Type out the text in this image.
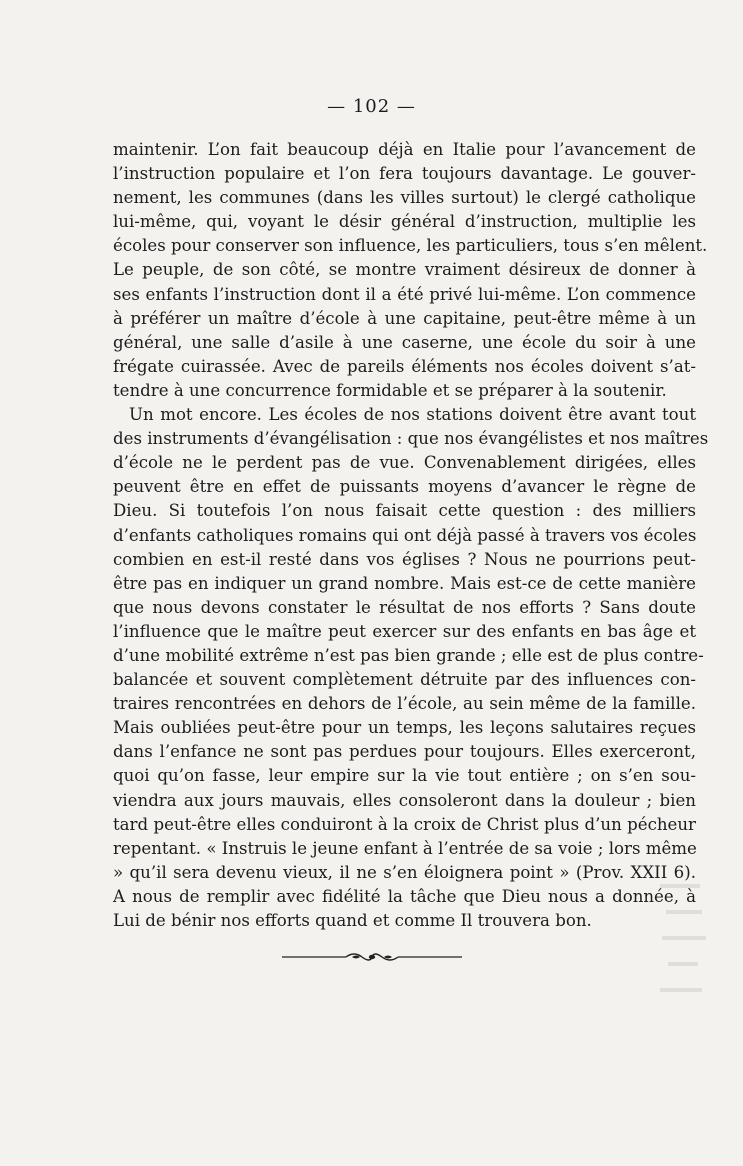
— 102 —
maintenir. L’on fait beaucoup déjà en Italie pour l’avancement de
l’instruction populaire et l’on fera toujours davantage. Le gouver-
nement, les communes (dans les villes surtout) le clergé catholique
lui-même, qui, voyant le désir général d’instruction, multiplie les
écoles pour conserver son influence, les particuliers, tous s’en mêlent.
Le peuple, de son côté, se montre vraiment désireux de donner à
ses enfants l’instruction dont il a été privé lui-même. L’on commence
à préférer un maître d’école à une capitaine, peut-être même à un
général, une salle d’asile à une caserne, une école du soir à une
frégate cuirassée. Avec de pareils éléments nos écoles doivent s’at-
tendre à une concurrence formidable et se préparer à la soutenir.
Un mot encore. Les écoles de nos stations doivent être avant tout
des instruments d’évangélisation : que nos évangélistes et nos maîtres
d’école ne le perdent pas de vue. Convenablement dirigées, elles
peuvent être en effet de puissants moyens d’avancer le règne de
Dieu. Si toutefois l’on nous faisait cette question : des milliers
d’enfants catholiques romains qui ont déjà passé à travers vos écoles
combien en est-il resté dans vos églises ? Nous ne pourrions peut-
être pas en indiquer un grand nombre. Mais est-ce de cette manière
que nous devons constater le résultat de nos efforts ? Sans doute
l’influence que le maître peut exercer sur des enfants en bas âge et
d’une mobilité extrême n’est pas bien grande ; elle est de plus contre-
balancée et souvent complètement détruite par des influences con-
traires rencontrées en dehors de l’école, au sein même de la famille.
Mais oubliées peut-être pour un temps, les leçons salutaires reçues
dans l’enfance ne sont pas perdues pour toujours. Elles exerceront,
quoi qu’on fasse, leur empire sur la vie tout entière ; on s’en sou-
viendra aux jours mauvais, elles consoleront dans la douleur ; bien
tard peut-être elles conduiront à la croix de Christ plus d’un pécheur
repentant. « Instruis le jeune enfant à l’entrée de sa voie ; lors même
» qu’il sera devenu vieux, il ne s’en éloignera point » (Prov. XXII 6).
A nous de remplir avec fidélité la tâche que Dieu nous a donnée, à
Lui de bénir nos efforts quand et comme Il trouvera bon.
